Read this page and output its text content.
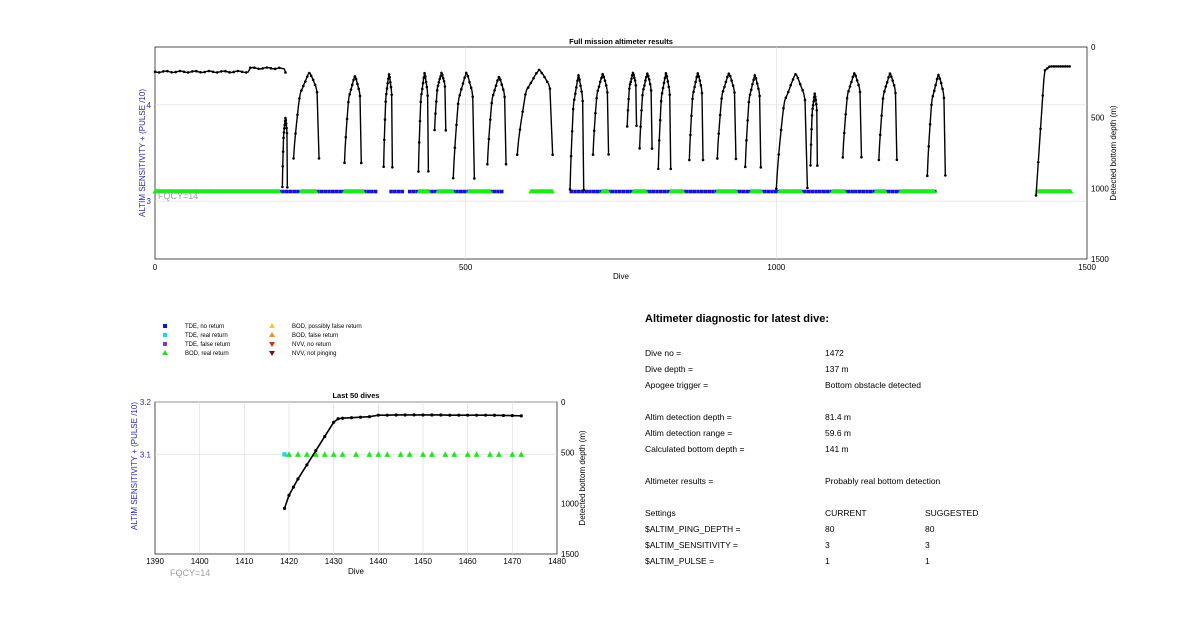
Full mission altimeter results
0	500	1000	1500
3
4
0
500
1000
1500
Dive
ALTIM SENSITIVITY + (PULSE /10)	Detected bottom depth (m)
FQCY=14
TDE, no return
TDE, real return
TDE, false return
BOD, real return
BOD, possibly false return
BOD, false return
NVV, no return
NVV, not pinging
Last 50 dives
1390	1400	1410	1420	1430	1440	1450	1460	1470	1480
3.1
3.2	0
500
1000
1500
Dive
ALTIM SENSITIVITY + (PULSE /10)	Detected bottom depth (m)
FQCY=14
Altimeter diagnostic for latest dive:
Dive no =	1472
Dive depth =	137 m
Apogee trigger =	Bottom obstacle detected
Altim detection depth =	81.4 m
Altim detection range =	59.6 m
Calculated bottom depth =	141 m
Altimeter results =	Probably real bottom detection
Settings	CURRENT	SUGGESTED
$ALTIM_PING_DEPTH =	80	80
$ALTIM_SENSITIVITY =	3	3
$ALTIM_PULSE =	1	1
